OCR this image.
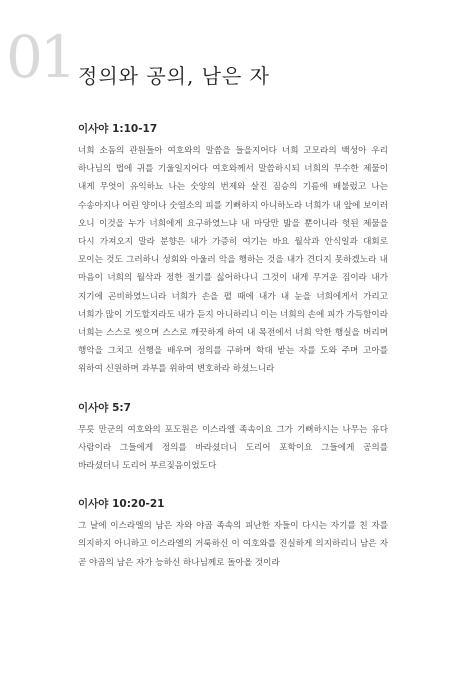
01 정의와 공의, 남은 자
이사야 1:10-17

너희 소돔의 관원들아 여호와의 말씀을 들을지어다 너희 고모라의 백성아 우리 하나님의 법에 귀를 기울일지어다 여호와께서 말씀하시되 너희의 무수한 제물이 내게 무엇이 유익하뇨 나는 숫양의 번제와 살진 짐승의 기름에 배불렀고 나는 수송아지나 어린 양이나 숫염소의 피를 기뻐하지 아니하노라 너희가 내 앞에 보이러 오니 이것을 누가 너희에게 요구하였느냐 내 마당만 밟을 뿐이니라 헛된 제물을 다시 가져오지 말라 분향은 내가 가증히 여기는 바요 월삭과 안식일과 대회로 모이는 것도 그러하니 성회와 아울러 악을 행하는 것을 내가 견디지 못하겠노라 내 마음이 너희의 월삭과 정한 절기를 싫어하나니 그것이 내게 무거운 짐이라 내가 지기에 곤비하였느니라 너희가 손을 펼 때에 내가 내 눈을 너희에게서 가리고 너희가 많이 기도할지라도 내가 듣지 아니하리니 이는 너희의 손에 피가 가득함이라 너희는 스스로 씻으며 스스로 깨끗하게 하여 내 목전에서 너희 악한 행실을 버리며 행악을 그치고 선행을 배우며 정의를 구하며 학대 받는 자를 도와 주며 고아를 위하여 신원하며 과부를 위하여 변호하라 하셨느니라

이사야 5:7

무릇 만군의 여호와의 포도원은 이스라엘 족속이요 그가 기뻐하시는 나무는 유다 사람이라 그들에게 정의를 바라셨더니 도리어 포학이요 그들에게 공의를 바라셨더니 도리어 부르짖음이었도다

이사야 10:20-21

그 날에 이스라엘의 남은 자와 야곱 족속의 피난한 자들이 다시는 자기를 친 자를 의지하지 아니하고 이스라엘의 거룩하신 이 여호와를 진실하게 의지하리니 남은 자 곧 야곱의 남은 자가 능하신 하나님께로 돌아올 것이라
